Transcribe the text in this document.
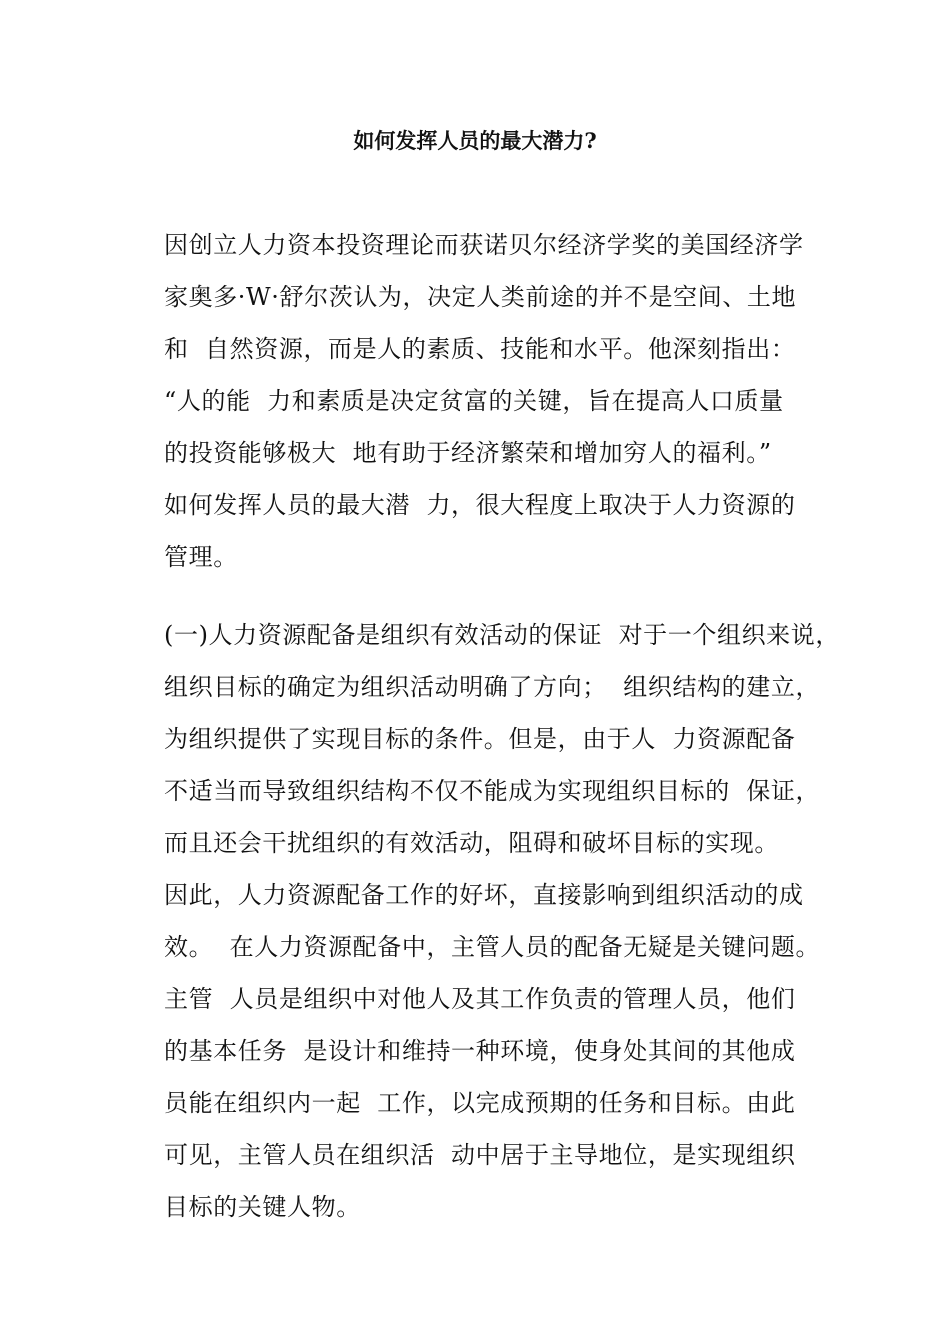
如何发挥人员的最大潜力?
因创立人力资本投资理论而获诺贝尔经济学奖的美国经济学
家奥多·W·舒尔茨认为，决定人类前途的并不是空间、土地
和  自然资源，而是人的素质、技能和水平。他深刻指出：
“人的能  力和素质是决定贫富的关键，旨在提高人口质量
的投资能够极大  地有助于经济繁荣和增加穷人的福利。”
如何发挥人员的最大潜  力，很大程度上取决于人力资源的
管理。
(一)人力资源配备是组织有效活动的保证  对于一个组织来说，
组织目标的确定为组织活动明确了方向；  组织结构的建立，
为组织提供了实现目标的条件。但是，由于人  力资源配备
不适当而导致组织结构不仅不能成为实现组织目标的  保证，
而且还会干扰组织的有效活动，阻碍和破坏目标的实现。
因此，人力资源配备工作的好坏，直接影响到组织活动的成
效。  在人力资源配备中，主管人员的配备无疑是关键问题。
主管  人员是组织中对他人及其工作负责的管理人员，他们
的基本任务  是设计和维持一种环境，使身处其间的其他成
员能在组织内一起  工作，以完成预期的任务和目标。由此
可见，主管人员在组织活  动中居于主导地位，是实现组织
目标的关键人物。
